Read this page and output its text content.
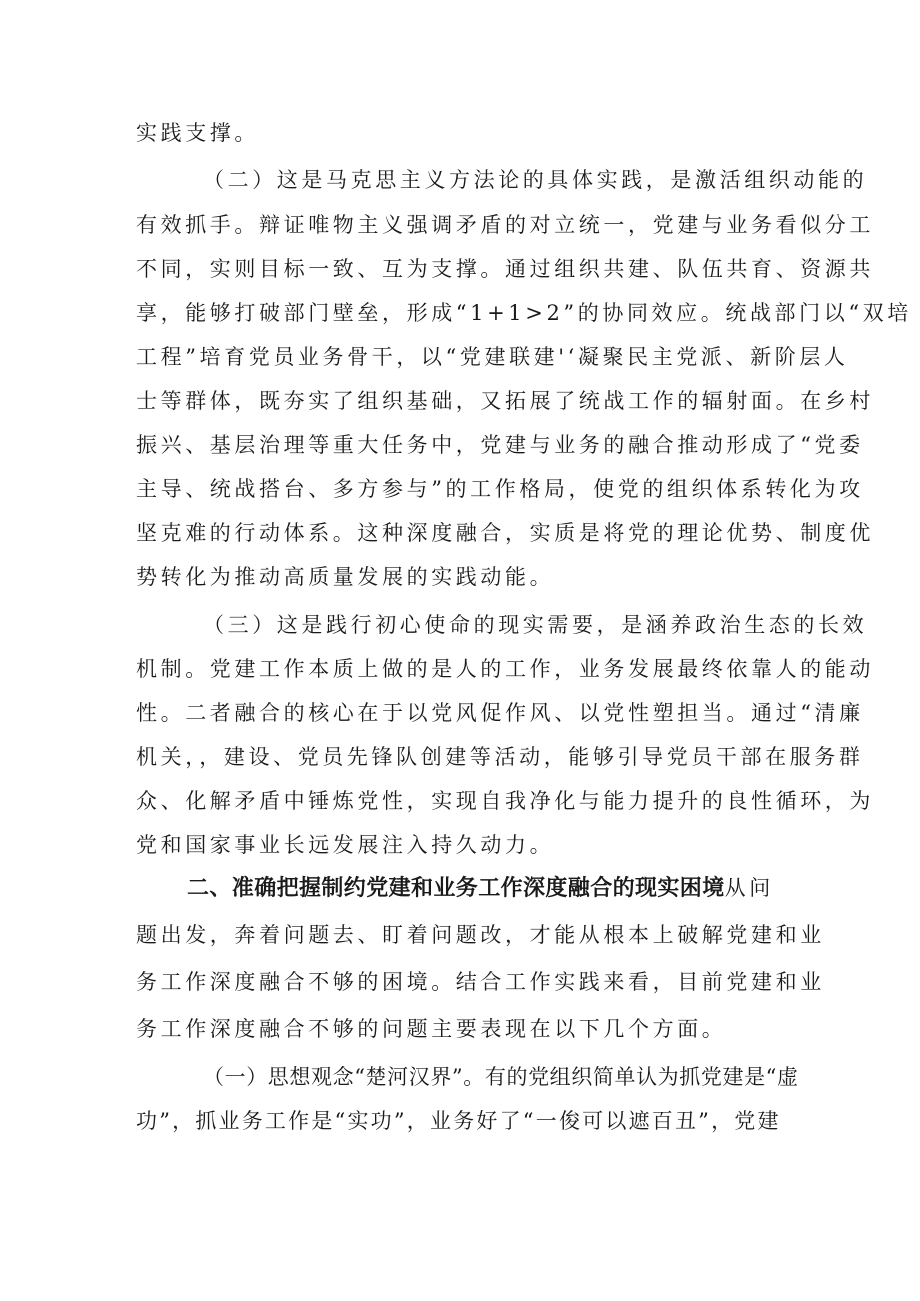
实践支撑。
（二）这是马克思主义方法论的具体实践，是激活组织动能的
有效抓手。辩证唯物主义强调矛盾的对立统一，党建与业务看似分工
不同，实则目标一致、互为支撑。通过组织共建、队伍共育、资源共
享，能够打破部门壁垒，形成“1+1>2”的协同效应。统战部门以“双培
工程”培育党员业务骨干，以“党建联建'‘凝聚民主党派、新阶层人
士等群体，既夯实了组织基础，又拓展了统战工作的辐射面。在乡村
振兴、基层治理等重大任务中，党建与业务的融合推动形成了“党委
主导、统战搭台、多方参与”的工作格局，使党的组织体系转化为攻
坚克难的行动体系。这种深度融合，实质是将党的理论优势、制度优
势转化为推动高质量发展的实践动能。
（三）这是践行初心使命的现实需要，是涵养政治生态的长效
机制。党建工作本质上做的是人的工作，业务发展最终依靠人的能动
性。二者融合的核心在于以党风促作风、以党性塑担当。通过“清廉
机关，，建设、党员先锋队创建等活动，能够引导党员干部在服务群
众、化解矛盾中锤炼党性，实现自我净化与能力提升的良性循环，为
党和国家事业长远发展注入持久动力。
二、准确把握制约党建和业务工作深度融合的现实困境从问
题出发，奔着问题去、盯着问题改，才能从根本上破解党建和业
务工作深度融合不够的困境。结合工作实践来看，目前党建和业
务工作深度融合不够的问题主要表现在以下几个方面。
（一）思想观念“楚河汉界”。有的党组织简单认为抓党建是“虚
功”，抓业务工作是“实功”，业务好了“一俊可以遮百丑”，党建
